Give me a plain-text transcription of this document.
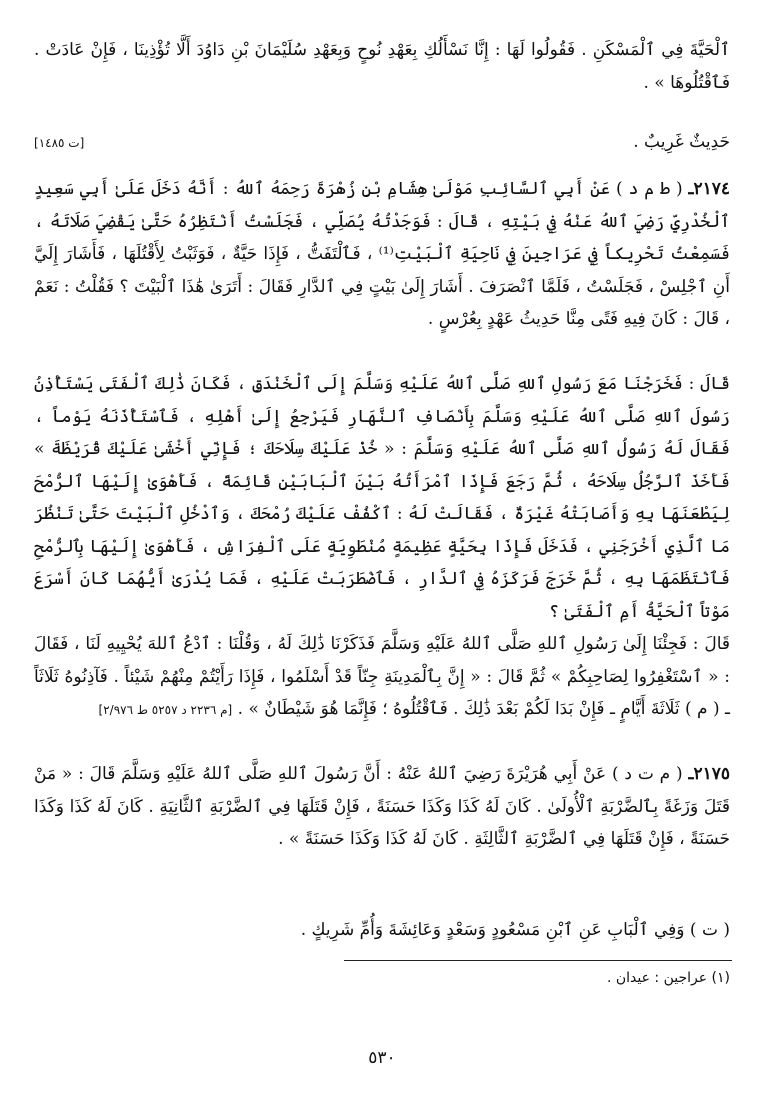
ٱلْحَيَّةَ فِي ٱلْمَسْكَنِ . فَقُولُوا لَهَا : إِنَّا نَسْأَلُكِ بِعَهْدِ نُوحٍ وَبِعَهْدِ سُلَيْمَانَ بْنِ دَاوُدَ أَلَّا تُؤْذِينَا ، فَإِنْ عَادَتْ . فَٱقْتُلُوهَا » .

حَدِيثٌ غَرِيبٌ .
[ت ١٤٨٥]

٢١٧٤ـ ( ط م د ) عَنْ أَبِي ٱلسَّائِبِ مَوْلَىٰ هِشَامِ بْنِ زُهْرَةَ رَحِمَهُ ٱللهُ : أَنَّهُ دَخَلَ عَلَىٰ أَبِي سَعِيدٍ ٱلْخُدْرِيِّ رَضِيَ ٱللهُ عَنْهُ فِي بَيْتِهِ ، قَالَ : فَوَجَدْتُهُ يُصَلِّي ، فَجَلَسْتُ أَنْتَظِرُهُ حَتَّىٰ يَقْضِيَ صَلَاتَهُ ، فَسَمِعْتُ تَحْرِيكاً فِي عَرَاجِينَ فِي نَاحِيَةِ ٱلْبَيْتِ⁽¹⁾ ، فَٱلْتَفَتُّ ، فَإِذَا حَيَّةٌ ، فَوَثَبْتُ لِأَقْتُلَهَا ، فَأَشَارَ إِلَيَّ أَنِ ٱجْلِسْ ، فَجَلَسْتُ ، فَلَمَّا ٱنْصَرَفَ . أَشَارَ إِلَىٰ بَيْتٍ فِي ٱلدَّارِ فَقَالَ : أَتَرَىٰ هَٰذَا ٱلْبَيْتَ ؟ فَقُلْتُ : نَعَمْ ، قَالَ : كَانَ فِيهِ فَتًى مِنَّا حَدِيثُ عَهْدٍ بِعُرْسٍ .

قَالَ : فَخَرَجْنَا مَعَ رَسُولِ ٱللهِ صَلَّى ٱللهُ عَلَيْهِ وَسَلَّمَ إِلَى ٱلْخَنْدَقِ ، فَكَانَ ذَٰلِكَ ٱلْفَتَى يَسْتَأْذِنُ رَسُولَ ٱللهِ صَلَّى ٱللهُ عَلَيْهِ وَسَلَّمَ بِأَنْصَافِ ٱلنَّهَارِ فَيَرْجِعُ إِلَىٰ أَهْلِهِ ، فَٱسْتَأْذَنَهُ يَوْماً ، فَقَالَ لَهُ رَسُولُ ٱللهِ صَلَّى ٱللهُ عَلَيْهِ وَسَلَّمَ : « خُذْ عَلَيْكَ سِلَاحَكَ ؛ فَإِنِّي أَخْشَىٰ عَلَيْكَ قُرَيْظَةَ » فَأَخَذَ ٱلرَّجُلُ سِلَاحَهُ ، ثُمَّ رَجَعَ فَإِذَا ٱمْرَأَتُهُ بَيْنَ ٱلْبَابَيْنِ قَائِمَةً ، فَأَهْوَىٰ إِلَيْهَا ٱلرُّمْحَ لِيَطْعَنَهَا بِهِ وَأَصَابَتْهُ غَيْرَةٌ ، فَقَالَتْ لَهُ : ٱكْفُفْ عَلَيْكَ رُمْحَكَ ، وَٱدْخُلِ ٱلْبَيْتَ حَتَّىٰ تَنْظُرَ مَا ٱلَّذِي أَخْرَجَنِي ، فَدَخَلَ فَإِذَا بِحَيَّةٍ عَظِيمَةٍ مُنْطَوِيَةٍ عَلَى ٱلْفِرَاشِ ، فَأَهْوَىٰ إِلَيْهَا بِٱلرُّمْحِ فَٱنْتَظَمَهَا بِهِ ، ثُمَّ خَرَجَ فَرَكَزَهُ فِي ٱلدَّارِ ، فَٱضْطَرَبَتْ عَلَيْهِ ، فَمَا يُدْرَىٰ أَيُّهُمَا كَانَ أَسْرَعَ مَوْتاً ٱلْحَيَّةُ أَمِ ٱلْفَتَىٰ ؟

قَالَ : فَجِئْنَا إِلَىٰ رَسُولِ ٱللهِ صَلَّى ٱللهُ عَلَيْهِ وَسَلَّمَ فَذَكَرْنَا ذَٰلِكَ لَهُ ، وَقُلْنَا : ٱدْعُ ٱللهَ يُحْيِيهِ لَنَا ، فَقَالَ : « ٱسْتَغْفِرُوا لِصَاحِبِكُمْ » ثُمَّ قَالَ : « إِنَّ بِٱلْمَدِينَةِ جِنّاً قَدْ أَسْلَمُوا ، فَإِذَا رَأَيْتُمْ مِنْهُمْ شَيْئاً . فَآذِنُوهُ ثَلَاثَاً ـ ( م ) ثَلَاثَةَ أَيَّامٍ ـ فَإِنْ بَدَا لَكُمْ بَعْدَ ذَٰلِكَ . فَٱقْتُلُوهُ ؛ فَإِنَّمَا هُوَ شَيْطَانٌ » . [م ٢٢٣٦ د ٥٢٥٧ ط ٢/٩٧٦]

٢١٧٥ـ ( م ت د ) عَنْ أَبِي هُرَيْرَةَ رَضِيَ ٱللهُ عَنْهُ : أَنَّ رَسُولَ ٱللهِ صَلَّى ٱللهُ عَلَيْهِ وَسَلَّمَ قَالَ : « مَنْ قَتَلَ وَزَغَةً بِٱلضَّرْبَةِ ٱلْأُولَىٰ . كَانَ لَهُ كَذَا وَكَذَا حَسَنَةً ، فَإِنْ قَتَلَهَا فِي ٱلضَّرْبَةِ ٱلثَّانِيَةِ . كَانَ لَهُ كَذَا وَكَذَا حَسَنَةً ، فَإِنْ قَتَلَهَا فِي ٱلضَّرْبَةِ ٱلثَّالِثَةِ . كَانَ لَهُ كَذَا وَكَذَا حَسَنَةً » .

( ت ) وَفِي ٱلْبَابِ عَنِ ٱبْنِ مَسْعُودٍ وَسَعْدٍ وَعَائِشَةَ وَأُمِّ شَرِيكٍ .

(١) عراجين : عيدان .
٥٣٠
